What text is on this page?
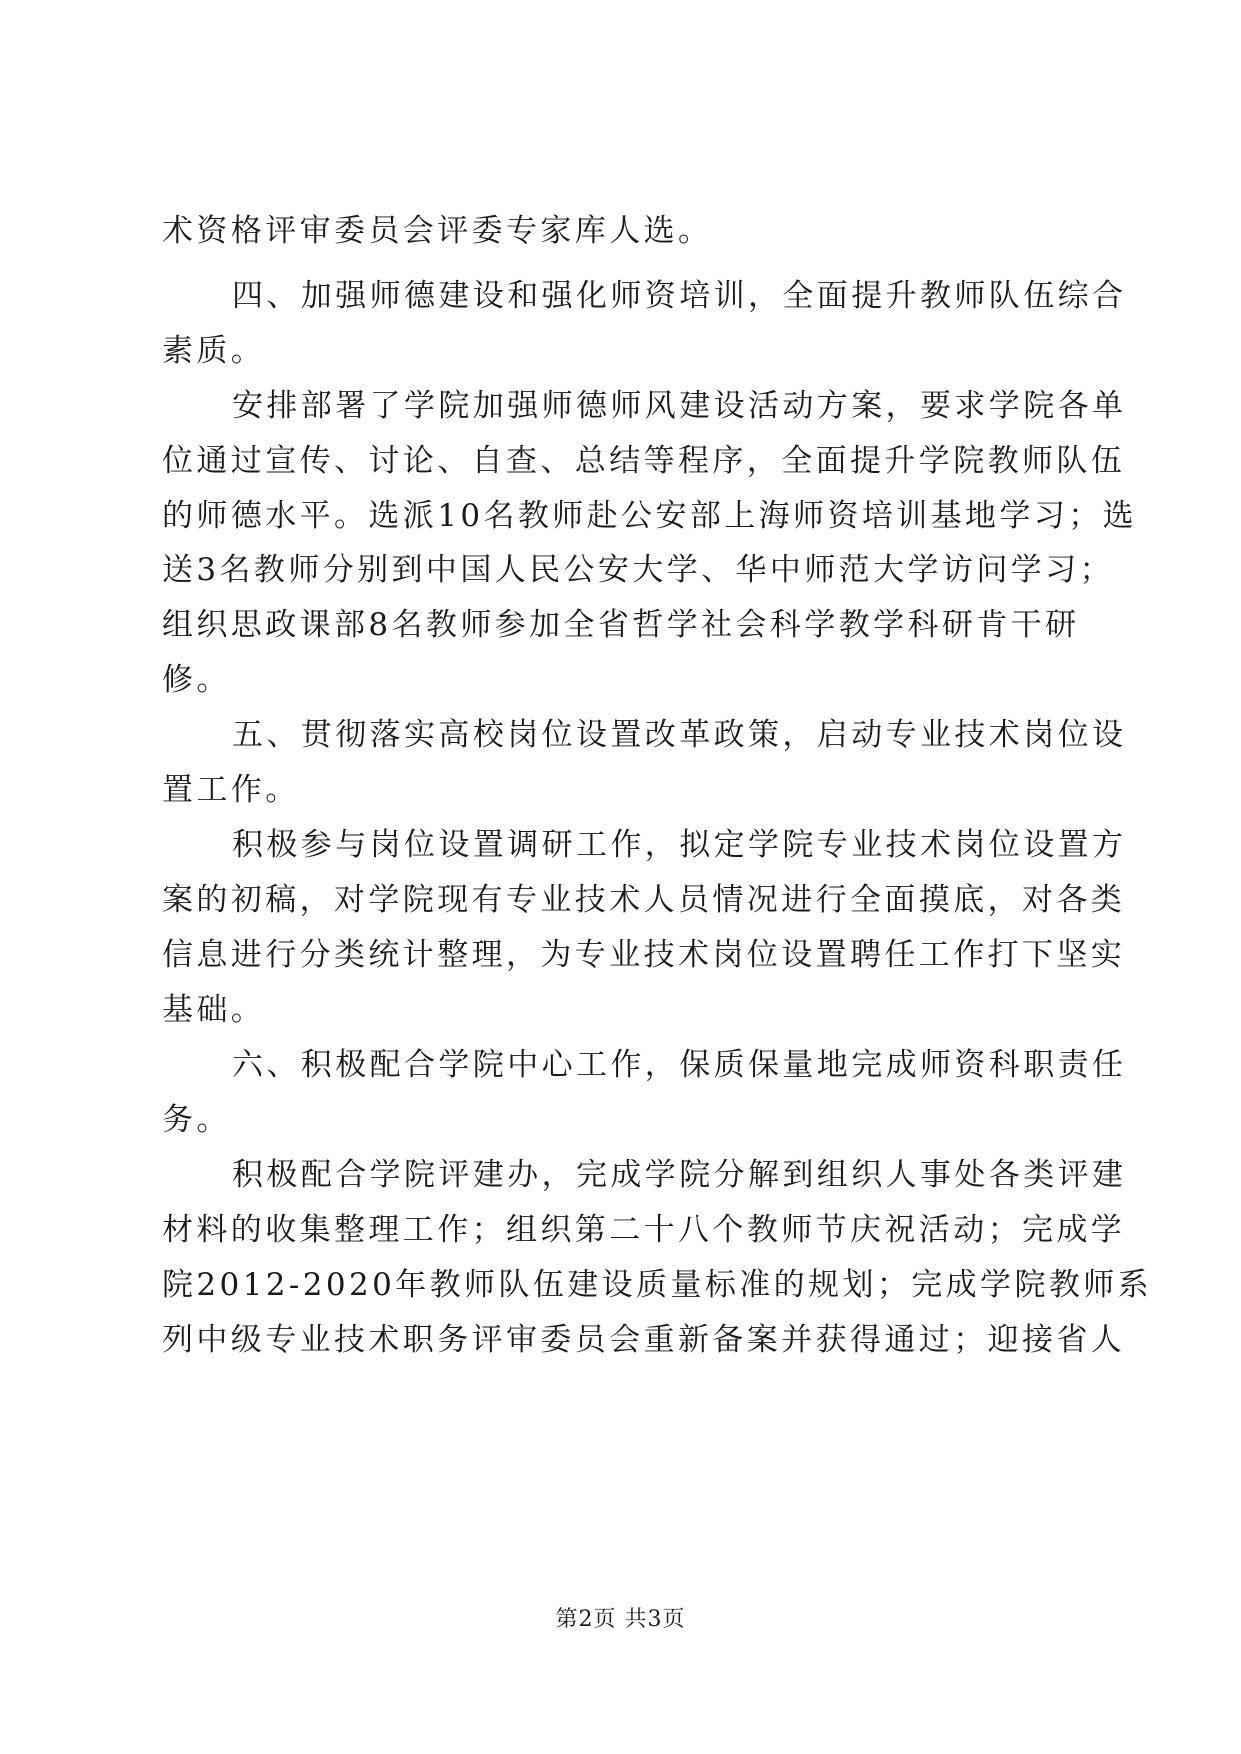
术资格评审委员会评委专家库人选。
四、加强师德建设和强化师资培训，全面提升教师队伍综合
素质。
安排部署了学院加强师德师风建设活动方案，要求学院各单
位通过宣传、讨论、自查、总结等程序，全面提升学院教师队伍
的师德水平。选派10名教师赴公安部上海师资培训基地学习；选
送3名教师分别到中国人民公安大学、华中师范大学访问学习；
组织思政课部8名教师参加全省哲学社会科学教学科研肯干研
修。
五、贯彻落实高校岗位设置改革政策，启动专业技术岗位设
置工作。
积极参与岗位设置调研工作，拟定学院专业技术岗位设置方
案的初稿，对学院现有专业技术人员情况进行全面摸底，对各类
信息进行分类统计整理，为专业技术岗位设置聘任工作打下坚实
基础。
六、积极配合学院中心工作，保质保量地完成师资科职责任
务。
积极配合学院评建办，完成学院分解到组织人事处各类评建
材料的收集整理工作；组织第二十八个教师节庆祝活动；完成学
院2012-2020年教师队伍建设质量标准的规划；完成学院教师系
列中级专业技术职务评审委员会重新备案并获得通过；迎接省人
第2页 共3页
